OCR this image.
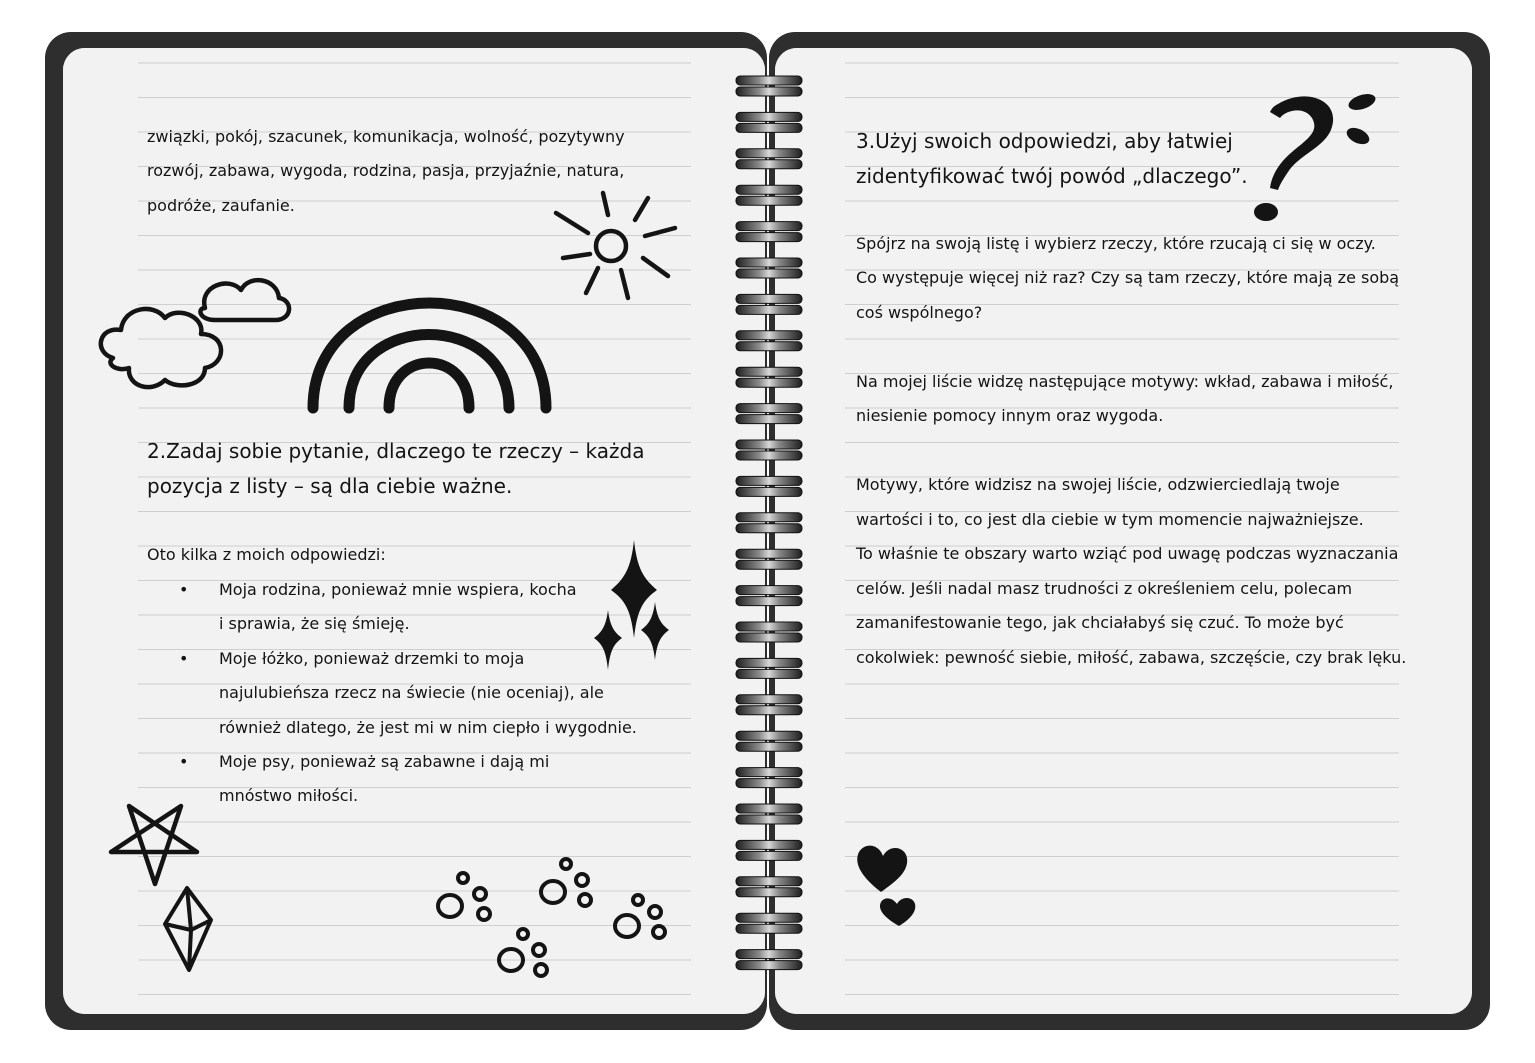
związki, pokój, szacunek, komunikacja, wolność, pozytywny
rozwój, zabawa, wygoda, rodzina, pasja, przyjaźnie, natura,
podróże, zaufanie.
2.Zadaj sobie pytanie, dlaczego te rzeczy – każda
pozycja z listy – są dla ciebie ważne.
Oto kilka z moich odpowiedzi:
• Moja rodzina, ponieważ mnie wspiera, kocha
i sprawia, że się śmieję.
• Moje łóżko, ponieważ drzemki to moja
najulubieńsza rzecz na świecie (nie oceniaj), ale
również dlatego, że jest mi w nim ciepło i wygodnie.
• Moje psy, ponieważ są zabawne i dają mi
mnóstwo miłości.
3.Użyj swoich odpowiedzi, aby łatwiej
zidentyfikować twój powód „dlaczego”.
Spójrz na swoją listę i wybierz rzeczy, które rzucają ci się w oczy.
Co występuje więcej niż raz? Czy są tam rzeczy, które mają ze sobą
coś wspólnego?
Na mojej liście widzę następujące motywy: wkład, zabawa i miłość,
niesienie pomocy innym oraz wygoda.
Motywy, które widzisz na swojej liście, odzwierciedlają twoje
wartości i to, co jest dla ciebie w tym momencie najważniejsze.
To właśnie te obszary warto wziąć pod uwagę podczas wyznaczania
celów. Jeśli nadal masz trudności z określeniem celu, polecam
zamanifestowanie tego, jak chciałabyś się czuć. To może być
cokolwiek: pewność siebie, miłość, zabawa, szczęście, czy brak lęku.
